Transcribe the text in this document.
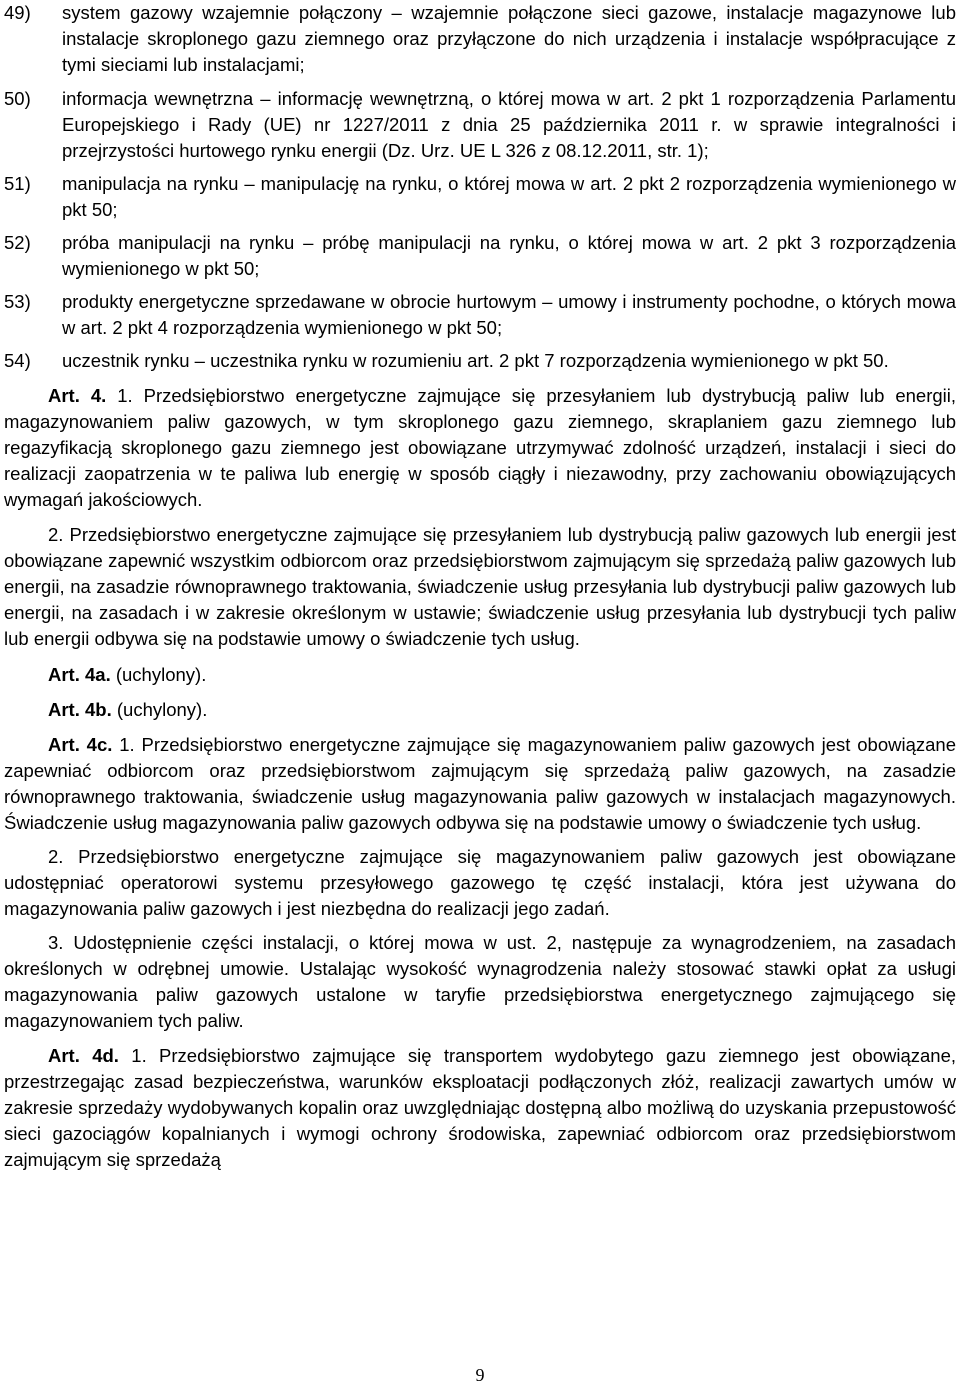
49)	system gazowy wzajemnie połączony – wzajemnie połączone sieci gazowe, instalacje magazynowe lub instalacje skroplonego gazu ziemnego oraz przyłączone do nich urządzenia i instalacje współpracujące z tymi sieciami lub instalacjami;

50)	informacja wewnętrzna – informację wewnętrzną, o której mowa w art. 2 pkt 1 rozporządzenia Parlamentu Europejskiego i Rady (UE) nr 1227/2011 z dnia 25 października 2011 r. w sprawie integralności i przejrzystości hurtowego rynku energii (Dz. Urz. UE L 326 z 08.12.2011, str. 1);

51)	manipulacja na rynku – manipulację na rynku, o której mowa w art. 2 pkt 2 rozporządzenia wymienionego w pkt 50;

52)	próba manipulacji na rynku – próbę manipulacji na rynku, o której mowa w art. 2 pkt 3 rozporządzenia wymienionego w pkt 50;

53)	produkty energetyczne sprzedawane w obrocie hurtowym – umowy i instrumenty pochodne, o których mowa w art. 2 pkt 4 rozporządzenia wymienionego w pkt 50;

54)	uczestnik rynku – uczestnika rynku w rozumieniu art. 2 pkt 7 rozporządzenia wymienionego w pkt 50.

Art. 4. 1. Przedsiębiorstwo energetyczne zajmujące się przesyłaniem lub dystrybucją paliw lub energii, magazynowaniem paliw gazowych, w tym skroplonego gazu ziemnego, skraplaniem gazu ziemnego lub regazyfikacją skroplonego gazu ziemnego jest obowiązane utrzymywać zdolność urządzeń, instalacji i sieci do realizacji zaopatrzenia w te paliwa lub energię w sposób ciągły i niezawodny, przy zachowaniu obowiązujących wymagań jakościowych.

2. Przedsiębiorstwo energetyczne zajmujące się przesyłaniem lub dystrybucją paliw gazowych lub energii jest obowiązane zapewnić wszystkim odbiorcom oraz przedsiębiorstwom zajmującym się sprzedażą paliw gazowych lub energii, na zasadzie równoprawnego traktowania, świadczenie usług przesyłania lub dystrybucji paliw gazowych lub energii, na zasadach i w zakresie określonym w ustawie; świadczenie usług przesyłania lub dystrybucji tych paliw lub energii odbywa się na podstawie umowy o świadczenie tych usług.

Art. 4a. (uchylony).

Art. 4b. (uchylony).

Art. 4c. 1. Przedsiębiorstwo energetyczne zajmujące się magazynowaniem paliw gazowych jest obowiązane zapewniać odbiorcom oraz przedsiębiorstwom zajmującym się sprzedażą paliw gazowych, na zasadzie równoprawnego traktowania, świadczenie usług magazynowania paliw gazowych w instalacjach magazynowych. Świadczenie usług magazynowania paliw gazowych odbywa się na podstawie umowy o świadczenie tych usług.

2. Przedsiębiorstwo energetyczne zajmujące się magazynowaniem paliw gazowych jest obowiązane udostępniać operatorowi systemu przesyłowego gazowego tę część instalacji, która jest używana do magazynowania paliw gazowych i jest niezbędna do realizacji jego zadań.

3. Udostępnienie części instalacji, o której mowa w ust. 2, następuje za wynagrodzeniem, na zasadach określonych w odrębnej umowie. Ustalając wysokość wynagrodzenia należy stosować stawki opłat za usługi magazynowania paliw gazowych ustalone w taryfie przedsiębiorstwa energetycznego zajmującego się magazynowaniem tych paliw.

Art. 4d. 1. Przedsiębiorstwo zajmujące się transportem wydobytego gazu ziemnego jest obowiązane, przestrzegając zasad bezpieczeństwa, warunków eksploatacji podłączonych złóż, realizacji zawartych umów w zakresie sprzedaży wydobywanych kopalin oraz uwzględniając dostępną albo możliwą do uzyskania przepustowość sieci gazociągów kopalnianych i wymogi ochrony środowiska, zapewniać odbiorcom oraz przedsiębiorstwom zajmującym się sprzedażą

9
